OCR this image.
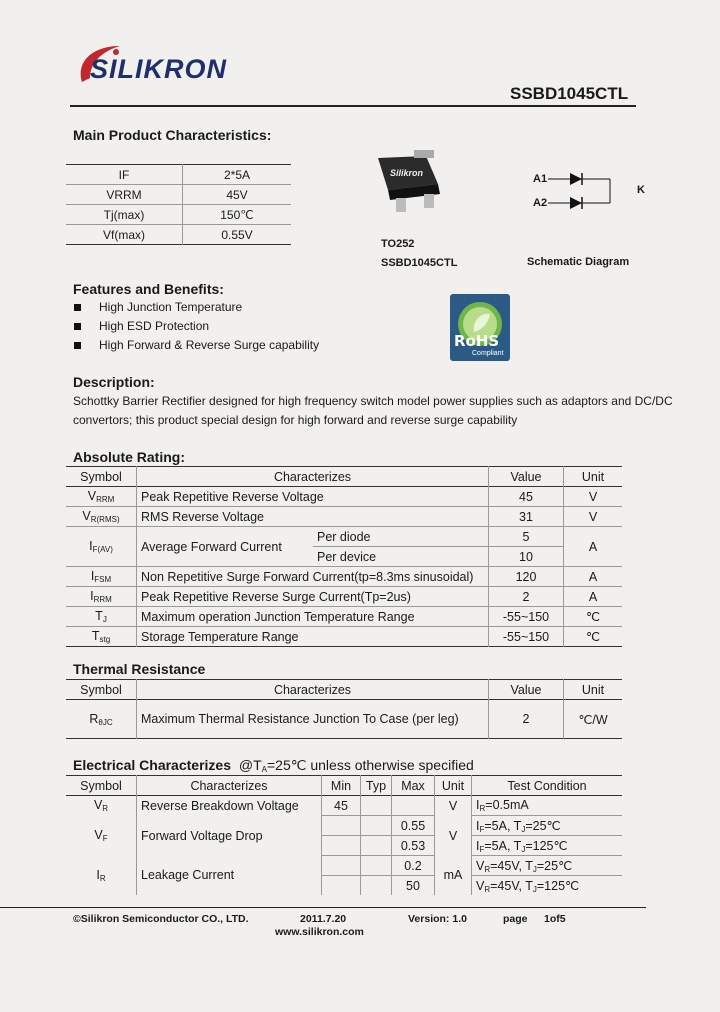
SILIKRON
SSBD1045CTL
Main Product Characteristics:
IF	2*5A
VRRM	45V
Tj(max)	150℃
Vf(max)	0.55V
Silikron
TO252
SSBD1045CTL
A1
A2
K
Schematic Diagram
Features and Benefits:
High Junction Temperature
High ESD Protection
High Forward & Reverse Surge capability	RoHS
Compliant
Description:
Schottky Barrier Rectifier designed for high frequency switch model power supplies such as adaptors and DC/DC
convertors; this product special design for high forward and reverse surge capability
Absolute Rating:
Symbol	Characterizes		Value	Unit
$V_{RRM}$	Peak Repetitive Reverse Voltage		45	V
$V_{R(RMS)}$	RMS Reverse Voltage		31	V
$I_{F(AV)}$	Average Forward Current	Per diode	5	A
		Per device	10	
$I_{FSM}$	Non Repetitive Surge Forward Current(tp=8.3ms sinusoidal)		120	A
$I_{RRM}$	Peak Repetitive Reverse Surge Current(Tp=2us)		2	A
$T_J$	Maximum operation Junction Temperature Range		-55~150	℃
$T_{stg}$	Storage Temperature Range		-55~150	℃
Thermal Resistance
Symbol	Characterizes	Value	Unit
$R_{\theta JC}$	Maximum Thermal Resistance Junction To Case (per leg)	2	℃/W
Electrical Characterizes $@T_A=25℃$ unless otherwise specified
Symbol	Characterizes	Min	Typ	Max	Unit	Test Condition
$V_R$	Reverse Breakdown Voltage	45			V	$I_R=0.5mA$
$V_F$	Forward Voltage Drop			0.55	V	$I_F=5A$, $T_J=25℃$
				0.53		$I_F=5A$, $T_J=125℃$
$I_R$	Leakage Current			0.2	mA	$V_R=45V$, $T_J=25℃$
				50		$V_R=45V$, $T_J=125℃$
©Silikron Semiconductor CO., LTD.	2011.7.20	Version: 1.0	page 1of5
www.silikron.com
